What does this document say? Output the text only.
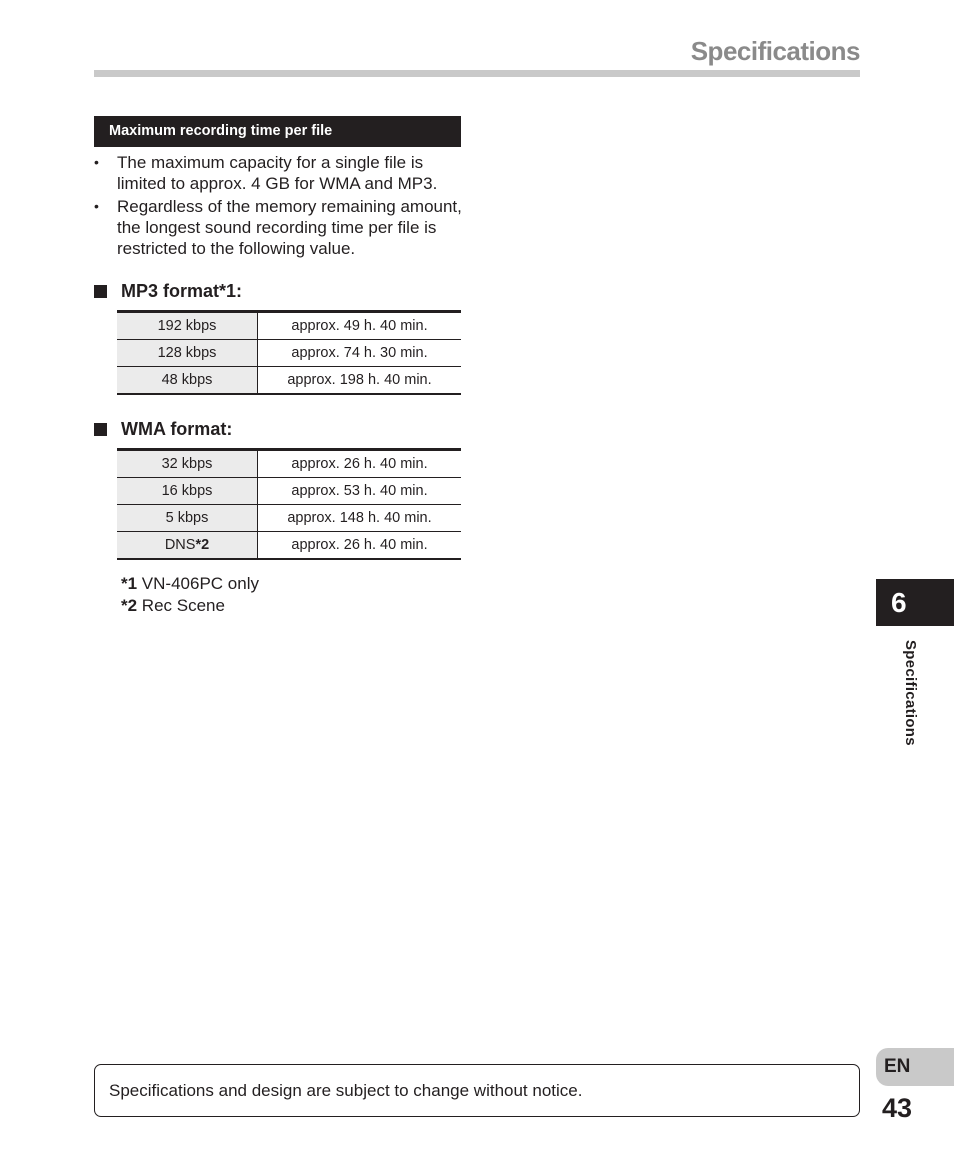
Specifications
Maximum recording time per file
• The maximum capacity for a single file is limited to approx. 4 GB for WMA and MP3.
• Regardless of the memory remaining amount, the longest sound recording time per file is restricted to the following value.
MP3 format*1:
192 kbps	approx. 49 h. 40 min.
128 kbps	approx. 74 h. 30 min.
48 kbps	approx. 198 h. 40 min.
WMA format:
32 kbps	approx. 26 h. 40 min.
16 kbps	approx. 53 h. 40 min.
5 kbps	approx. 148 h. 40 min.
DNS*2	approx. 26 h. 40 min.
*1 VN-406PC only
*2 Rec Scene	6
Specifications
Specifications and design are subject to change without notice.
EN
43
